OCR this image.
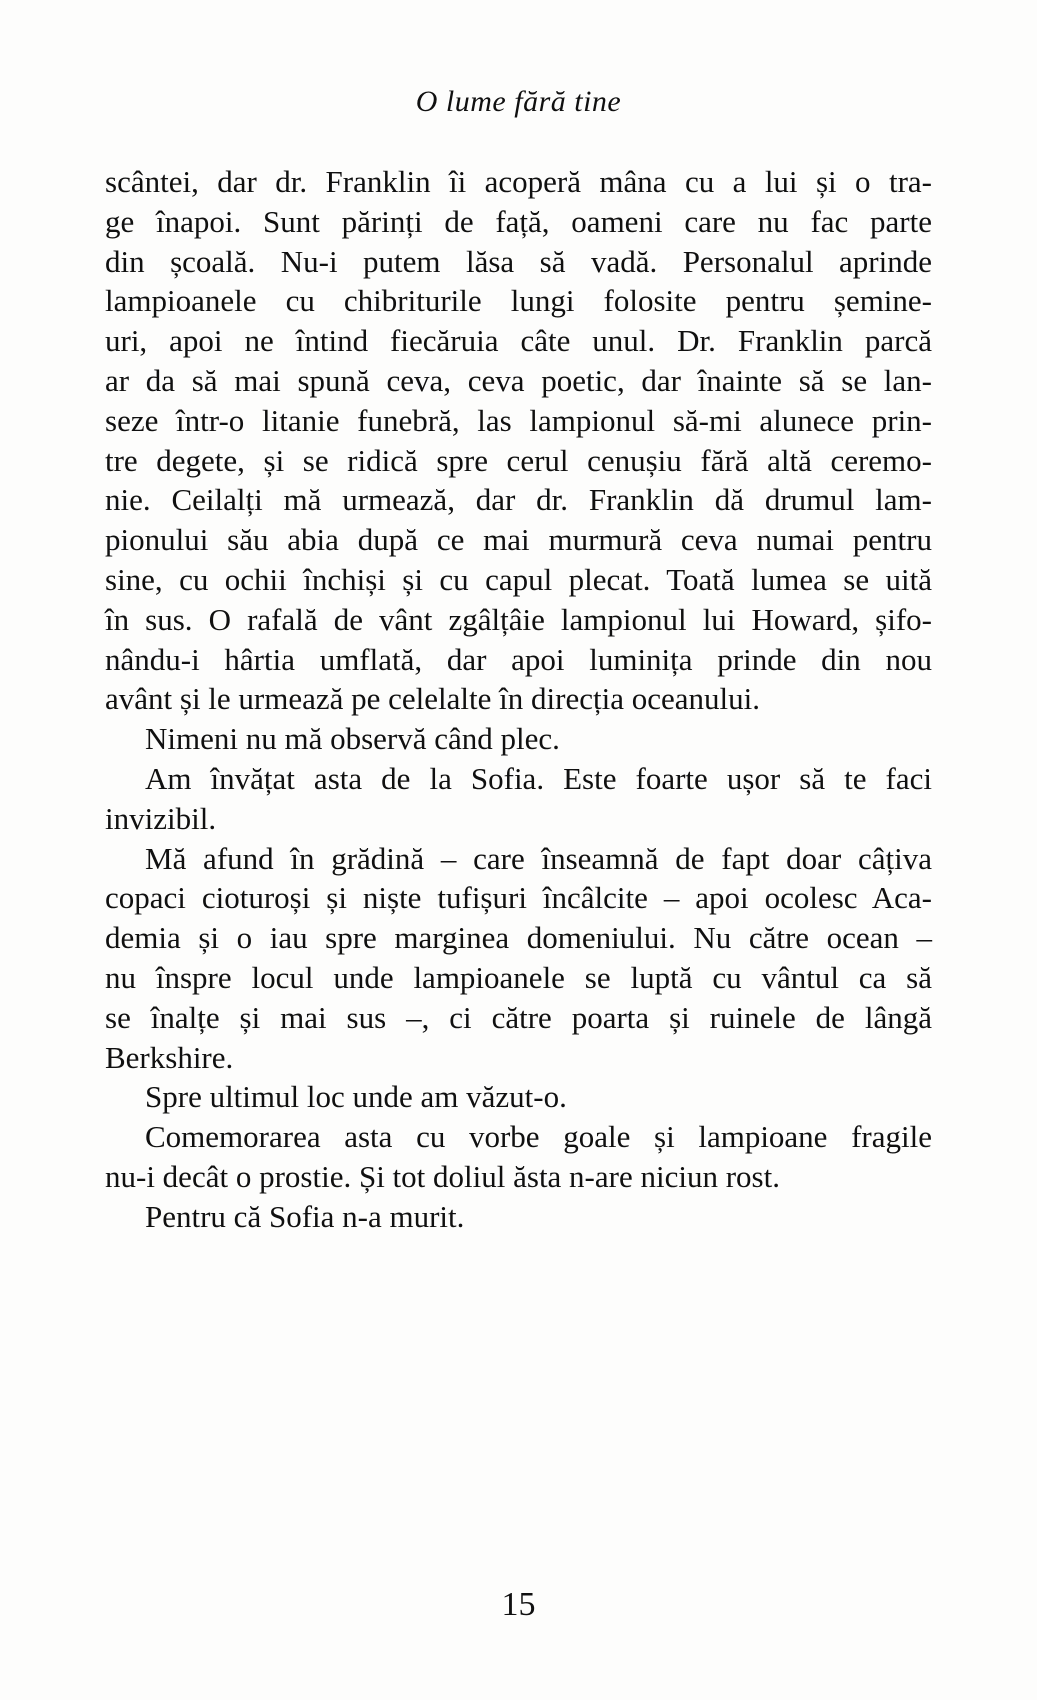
O lume fără tine
scântei, dar dr. Franklin îi acoperă mâna cu a lui și o tra-
ge înapoi. Sunt părinți de față, oameni care nu fac parte
din școală. Nu-i putem lăsa să vadă. Personalul aprinde
lampioanele cu chibriturile lungi folosite pentru șemine-
uri, apoi ne întind fiecăruia câte unul. Dr. Franklin parcă
ar da să mai spună ceva, ceva poetic, dar înainte să se lan-
seze într-o litanie funebră, las lampionul să-mi alunece prin-
tre degete, și se ridică spre cerul cenușiu fără altă ceremo-
nie. Ceilalți mă urmează, dar dr. Franklin dă drumul lam-
pionului său abia după ce mai murmură ceva numai pentru
sine, cu ochii închiși și cu capul plecat. Toată lumea se uită
în sus. O rafală de vânt zgâlțâie lampionul lui Howard, șifo-
nându-i hârtia umflată, dar apoi luminița prinde din nou
avânt și le urmează pe celelalte în direcția oceanului.
Nimeni nu mă observă când plec.
Am învățat asta de la Sofia. Este foarte ușor să te faci
invizibil.
Mă afund în grădină – care înseamnă de fapt doar câțiva
copaci cioturoși și niște tufișuri încâlcite – apoi ocolesc Aca-
demia și o iau spre marginea domeniului. Nu către ocean –
nu înspre locul unde lampioanele se luptă cu vântul ca să
se înalțe și mai sus –, ci către poarta și ruinele de lângă
Berkshire.
Spre ultimul loc unde am văzut-o.
Comemorarea asta cu vorbe goale și lampioane fragile
nu-i decât o prostie. Și tot doliul ăsta n-are niciun rost.
Pentru că Sofia n-a murit.
15
